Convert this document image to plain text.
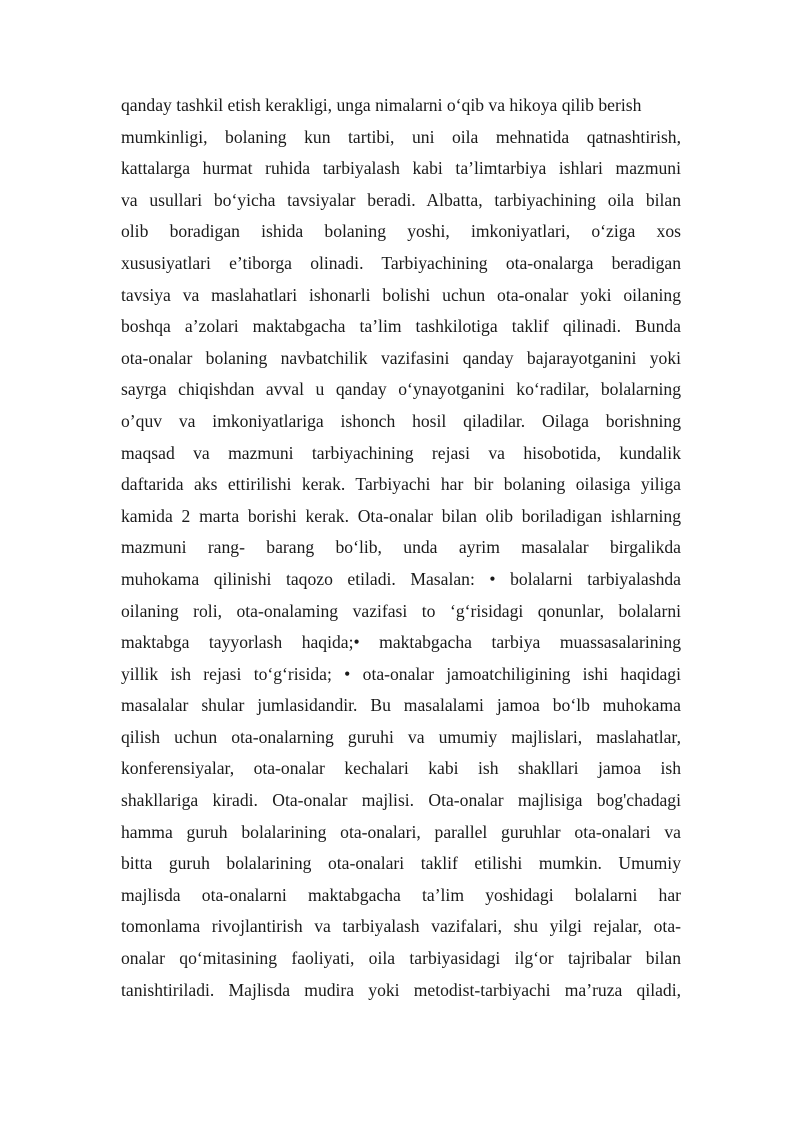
qanday tashkil etish kerakligi, unga nimalarni o‘qib va hikoya qilib berish
mumkinligi, bolaning kun tartibi, uni oila mehnatida qatnashtirish,
kattalarga hurmat ruhida tarbiyalash kabi ta’limtarbiya ishlari mazmuni
va usullari bo‘yicha tavsiyalar beradi. Albatta, tarbiyachining oila bilan
olib boradigan ishida bolaning yoshi, imkoniyatlari, o‘ziga xos
xususiyatlari e’tiborga olinadi. Tarbiyachining ota-onalarga beradigan
tavsiya va maslahatlari ishonarli bolishi uchun ota-onalar yoki oilaning
boshqa a’zolari maktabgacha ta’lim tashkilotiga taklif qilinadi. Bunda
ota-onalar bolaning navbatchilik vazifasini qanday bajarayotganini yoki
sayrga chiqishdan avval u qanday o‘ynayotganini ko‘radilar, bolalarning
o’quv va imkoniyatlariga ishonch hosil qiladilar. Oilaga borishning
maqsad va mazmuni tarbiyachining rejasi va hisobotida, kundalik
daftarida aks ettirilishi kerak. Tarbiyachi har bir bolaning oilasiga yiliga
kamida 2 marta borishi kerak. Ota-onalar bilan olib boriladigan ishlarning
mazmuni rang- barang bo‘lib, unda ayrim masalalar birgalikda
muhokama qilinishi taqozo etiladi. Masalan: • bolalarni tarbiyalashda
oilaning roli, ota-onalaming vazifasi to ‘g‘risidagi qonunlar, bolalarni
maktabga tayyorlash haqida;• maktabgacha tarbiya muassasalarining
yillik ish rejasi to‘g‘risida; • ota-onalar jamoatchiligining ishi haqidagi
masalalar shular jumlasidandir. Bu masalalami jamoa bo‘lb muhokama
qilish uchun ota-onalarning guruhi va umumiy majlislari, maslahatlar,
konferensiyalar, ota-onalar kechalari kabi ish shakllari jamoa ish
shakllariga kiradi. Ota-onalar majlisi. Ota-onalar majlisiga bog'chadagi
hamma guruh bolalarining ota-onalari, parallel guruhlar ota-onalari va
bitta guruh bolalarining ota-onalari taklif etilishi mumkin. Umumiy
majlisda ota-onalarni maktabgacha ta’lim yoshidagi bolalarni har
tomonlama rivojlantirish va tarbiyalash vazifalari, shu yilgi rejalar, ota-
onalar qo‘mitasining faoliyati, oila tarbiyasidagi ilg‘or tajribalar bilan
tanishtiriladi. Majlisda mudira yoki metodist-tarbiyachi ma’ruza qiladi,
